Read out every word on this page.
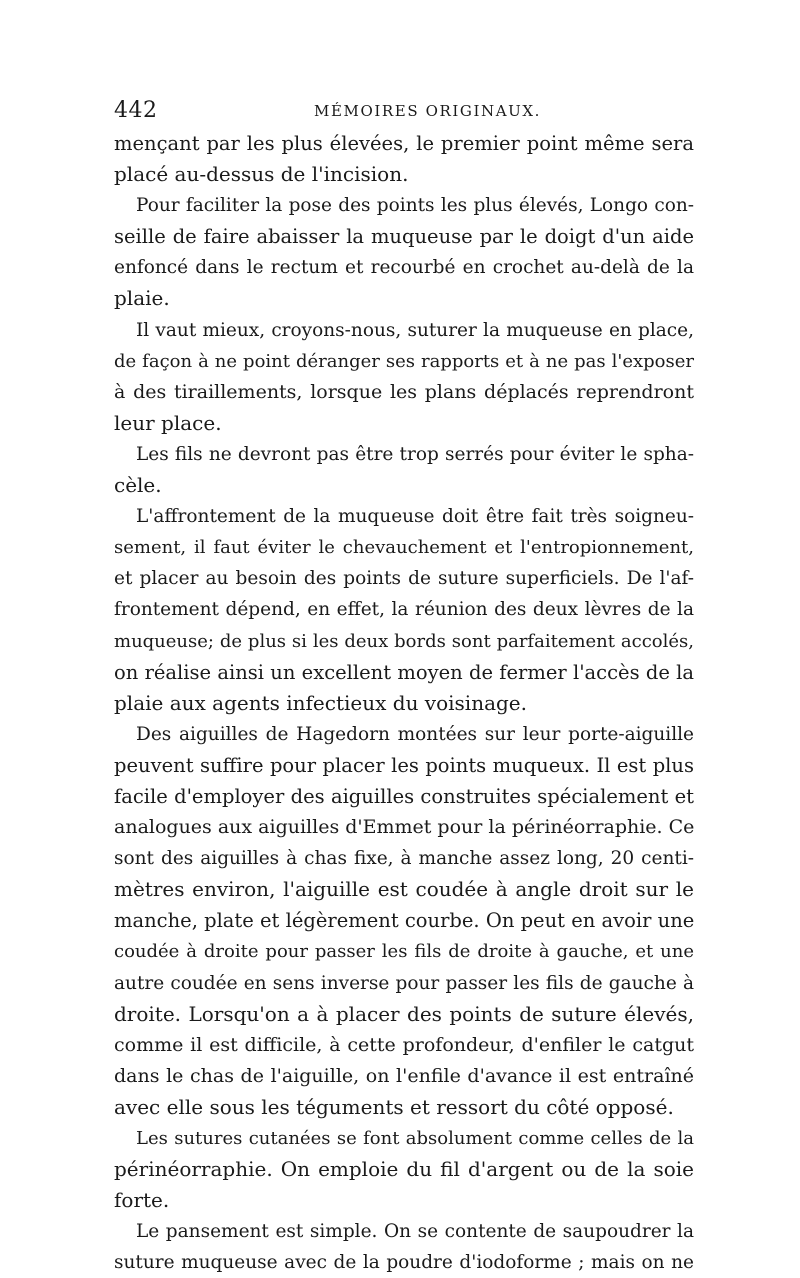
442	MÉMOIRES ORIGINAUX.
mençant par les plus élevées, le premier point même sera
placé au-dessus de l'incision.
Pour faciliter la pose des points les plus élevés, Longo con-
seille de faire abaisser la muqueuse par le doigt d'un aide
enfoncé dans le rectum et recourbé en crochet au-delà de la
plaie.
Il vaut mieux, croyons-nous, suturer la muqueuse en place,
de façon à ne point déranger ses rapports et à ne pas l'exposer
à des tiraillements, lorsque les plans déplacés reprendront
leur place.
Les fils ne devront pas être trop serrés pour éviter le spha-
cèle.
L'affrontement de la muqueuse doit être fait très soigneu-
sement, il faut éviter le chevauchement et l'entropionnement,
et placer au besoin des points de suture superficiels. De l'af-
frontement dépend, en effet, la réunion des deux lèvres de la
muqueuse; de plus si les deux bords sont parfaitement accolés,
on réalise ainsi un excellent moyen de fermer l'accès de la
plaie aux agents infectieux du voisinage.
Des aiguilles de Hagedorn montées sur leur porte-aiguille
peuvent suffire pour placer les points muqueux. Il est plus
facile d'employer des aiguilles construites spécialement et
analogues aux aiguilles d'Emmet pour la périnéorraphie. Ce
sont des aiguilles à chas fixe, à manche assez long, 20 centi-
mètres environ, l'aiguille est coudée à angle droit sur le
manche, plate et légèrement courbe. On peut en avoir une
coudée à droite pour passer les fils de droite à gauche, et une
autre coudée en sens inverse pour passer les fils de gauche à
droite. Lorsqu'on a à placer des points de suture élevés,
comme il est difficile, à cette profondeur, d'enfiler le catgut
dans le chas de l'aiguille, on l'enfile d'avance il est entraîné
avec elle sous les téguments et ressort du côté opposé.
Les sutures cutanées se font absolument comme celles de la
périnéorraphie. On emploie du fil d'argent ou de la soie
forte.
Le pansement est simple. On se contente de saupoudrer la
suture muqueuse avec de la poudre d'iodoforme ; mais on ne
